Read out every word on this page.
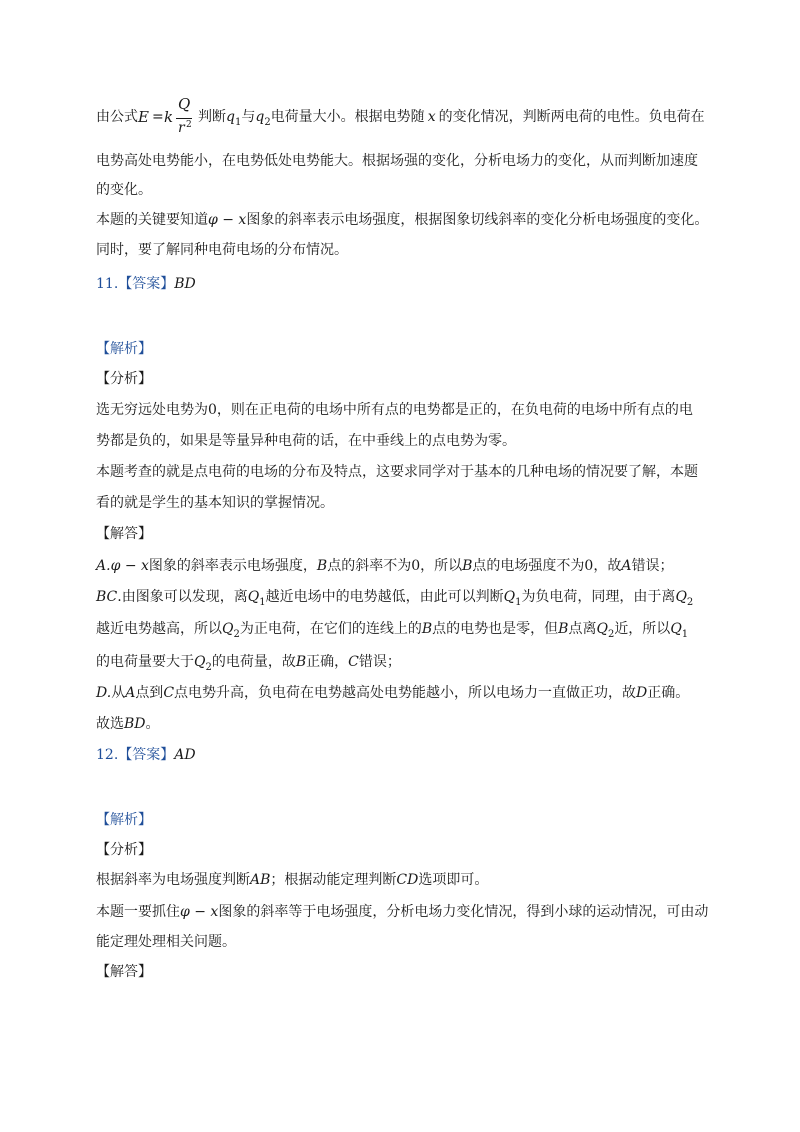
由公式 E = k
Q
r 2 判断$q_1$与$q_2$电荷量大小。根据电势随 x 的变化情况，判断两电荷的电性。负电荷在
电势高处电势能小，在电势低处电势能大。根据场强的变化，分析电场力的变化，从而判断加速度
的变化。
本题的关键要知道φ − x图象的斜率表示电场强度，根据图象切线斜率的变化分析电场强度的变化。
同时，要了解同种电荷电场的分布情况。
11.【答案】BD
【解析】
【分析】
选无穷远处电势为0，则在正电荷的电场中所有点的电势都是正的，在负电荷的电场中所有点的电
势都是负的，如果是等量异种电荷的话，在中垂线上的点电势为零。
本题考查的就是点电荷的电场的分布及特点，这要求同学对于基本的几种电场的情况要了解，本题
看的就是学生的基本知识的掌握情况。
【解答】
A.φ − x图象的斜率表示电场强度，B点的斜率不为0，所以B点的电场强度不为0，故A错误；
BC.由图象可以发现，离$Q_1$越近电场中的电势越低，由此可以判断$Q_1$为负电荷，同理，由于离$Q_2$
越近电势越高，所以$Q_2$为正电荷，在它们的连线上的B点的电势也是零，但B点离$Q_2$近，所以$Q_1$
的电荷量要大于$Q_2$的电荷量，故B正确，C错误；
D.从A点到C点电势升高，负电荷在电势越高处电势能越小，所以电场力一直做正功，故D正确。
故选BD。
12.【答案】AD
【解析】
【分析】
根据斜率为电场强度判断AB；根据动能定理判断CD选项即可。
本题一要抓住φ − x图象的斜率等于电场强度，分析电场力变化情况，得到小球的运动情况，可由动
能定理处理相关问题。
【解答】
